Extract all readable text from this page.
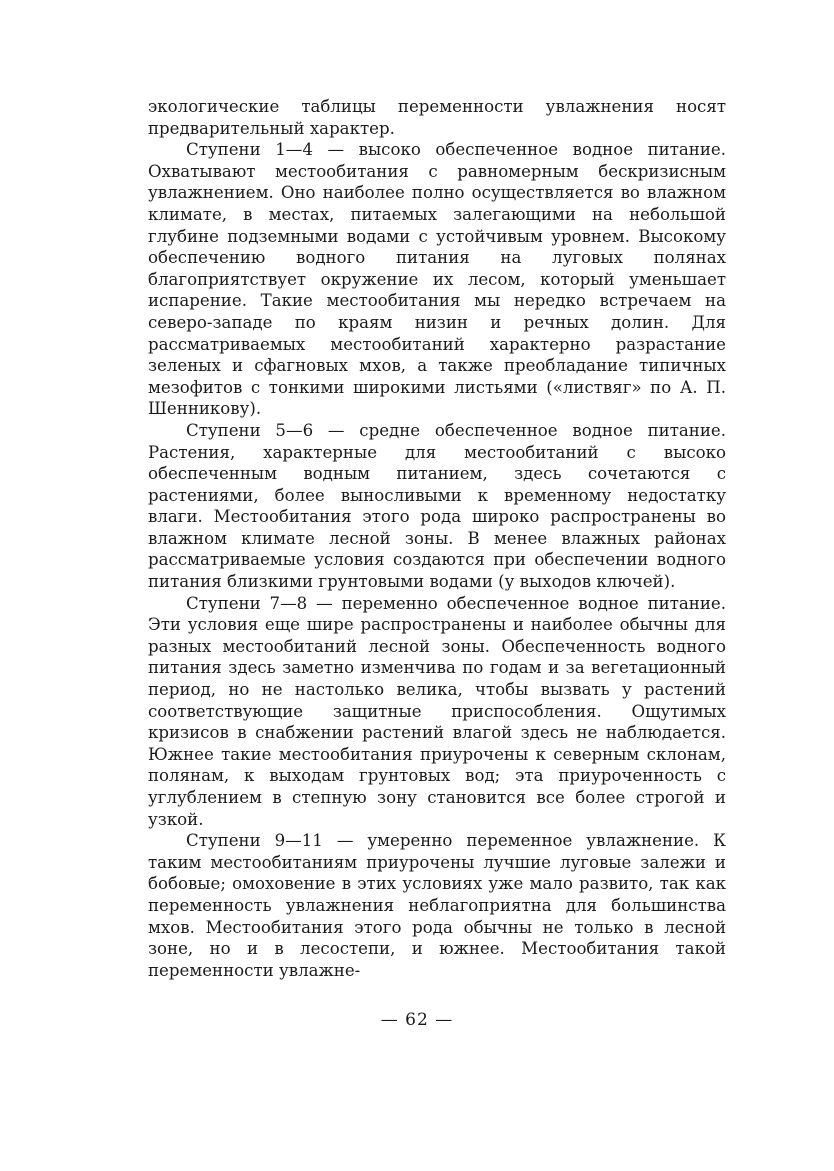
экологические таблицы переменности увлажнения носят предварительный характер.

Ступени 1—4 — высоко обеспеченное водное питание. Охватывают местообитания с равномерным бескризисным увлажнением. Оно наиболее полно осуществляется во влажном климате, в местах, питаемых залегающими на небольшой глубине подземными водами с устойчивым уровнем. Высокому обеспечению водного питания на луговых полянах благоприятствует окружение их лесом, который уменьшает испарение. Такие местообитания мы нередко встречаем на северо-западе по краям низин и речных долин. Для рассматриваемых местообитаний характерно разрастание зеленых и сфагновых мхов, а также преобладание типичных мезофитов с тонкими широкими листьями («листвяг» по А. П. Шенникову).

Ступени 5—6 — средне обеспеченное водное питание. Растения, характерные для местообитаний с высоко обеспеченным водным питанием, здесь сочетаются с растениями, более выносливыми к временному недостатку влаги. Местообитания этого рода широко распространены во влажном климате лесной зоны. В менее влажных районах рассматриваемые условия создаются при обеспечении водного питания близкими грунтовыми водами (у выходов ключей).

Ступени 7—8 — переменно обеспеченное водное питание. Эти условия еще шире распространены и наиболее обычны для разных местообитаний лесной зоны. Обеспеченность водного питания здесь заметно изменчива по годам и за вегетационный период, но не настолько велика, чтобы вызвать у растений соответствующие защитные приспособления. Ощутимых кризисов в снабжении растений влагой здесь не наблюдается. Южнее такие местообитания приурочены к северным склонам, полянам, к выходам грунтовых вод; эта приуроченность с углублением в степную зону становится все более строгой и узкой.

Ступени 9—11 — умеренно переменное увлажнение. К таким местообитаниям приурочены лучшие луговые залежи и бобовые; омоховение в этих условиях уже мало развито, так как переменность увлажнения неблагоприятна для большинства мхов. Местообитания этого рода обычны не только в лесной зоне, но и в лесостепи, и южнее. Местообитания такой переменности увлажне-

— 62 —
